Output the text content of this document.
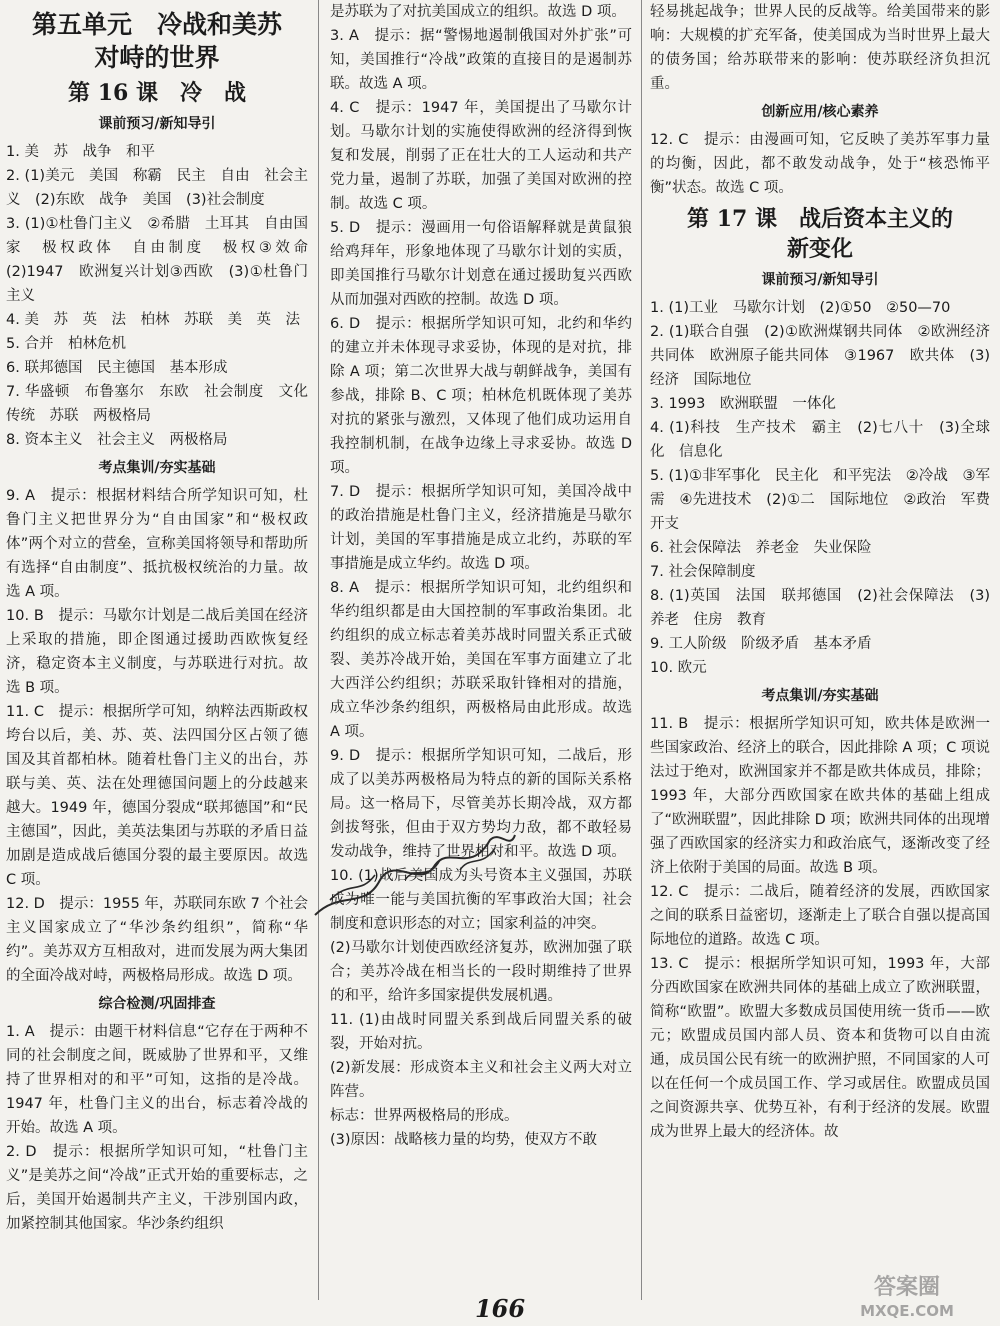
第五单元　冷战和美苏
对峙的世界
第 16 课　冷　战
课前预习/新知导引

1. 美　苏　战争　和平

2. (1)美元　美国　称霸　民主　自由　社会主义　(2)东欧　战争　美国　(3)社会制度

3. (1)①杜鲁门主义　②希腊　土耳其　自由国家　极权政体　自由制度　极权③效命　(2)1947　欧洲复兴计划③西欧　(3)①杜鲁门主义

4. 美　苏　英　法　柏林　苏联　美　英　法

5. 合并　柏林危机

6. 联邦德国　民主德国　基本形成

7. 华盛顿　布鲁塞尔　东欧　社会制度　文化传统　苏联　两极格局

8. 资本主义　社会主义　两极格局

考点集训/夯实基础

9. A　提示：根据材料结合所学知识可知，杜鲁门主义把世界分为“自由国家”和“极权政体”两个对立的营垒，宣称美国将领导和帮助所有选择“自由制度”、抵抗极权统治的力量。故选 A 项。

10. B　提示：马歇尔计划是二战后美国在经济上采取的措施，即企图通过援助西欧恢复经济，稳定资本主义制度，与苏联进行对抗。故选 B 项。

11. C　提示：根据所学可知，纳粹法西斯政权垮台以后，美、苏、英、法四国分区占领了德国及其首都柏林。随着杜鲁门主义的出台，苏联与美、英、法在处理德国问题上的分歧越来越大。1949 年，德国分裂成“联邦德国”和“民主德国”，因此，美英法集团与苏联的矛盾日益加剧是造成战后德国分裂的最主要原因。故选 C 项。

12. D　提示：1955 年，苏联同东欧 7 个社会主义国家成立了“华沙条约组织”，简称“华约”。美苏双方互相敌对，进而发展为两大集团的全面冷战对峙，两极格局形成。故选 D 项。

综合检测/巩固排查

1. A　提示：由题干材料信息“它存在于两种不同的社会制度之间，既威胁了世界和平，又维持了世界相对的和平”可知，这指的是冷战。1947 年，杜鲁门主义的出台，标志着冷战的开始。故选 A 项。

2. D　提示：根据所学知识可知，“杜鲁门主义”是美苏之间“冷战”正式开始的重要标志，之后，美国开始遏制共产主义，干涉别国内政，加紧控制其他国家。华沙条约组织

是苏联为了对抗美国成立的组织。故选 D 项。

3. A　提示：据“警惕地遏制俄国对外扩张”可知，美国推行“冷战”政策的直接目的是遏制苏联。故选 A 项。

4. C　提示：1947 年，美国提出了马歇尔计划。马歇尔计划的实施使得欧洲的经济得到恢复和发展，削弱了正在壮大的工人运动和共产党力量，遏制了苏联，加强了美国对欧洲的控制。故选 C 项。

5. D　提示：漫画用一句俗语解释就是黄鼠狼给鸡拜年，形象地体现了马歇尔计划的实质，即美国推行马歇尔计划意在通过援助复兴西欧从而加强对西欧的控制。故选 D 项。

6. D　提示：根据所学知识可知，北约和华约的建立并未体现寻求妥协，体现的是对抗，排除 A 项；第二次世界大战与朝鲜战争，美国有参战，排除 B、C 项；柏林危机既体现了美苏对抗的紧张与激烈，又体现了他们成功运用自我控制机制，在战争边缘上寻求妥协。故选 D 项。

7. D　提示：根据所学知识可知，美国冷战中的政治措施是杜鲁门主义，经济措施是马歇尔计划，美国的军事措施是成立北约，苏联的军事措施是成立华约。故选 D 项。

8. A　提示：根据所学知识可知，北约组织和华约组织都是由大国控制的军事政治集团。北约组织的成立标志着美苏战时同盟关系正式破裂、美苏冷战开始，美国在军事方面建立了北大西洋公约组织；苏联采取针锋相对的措施，成立华沙条约组织，两极格局由此形成。故选 A 项。

9. D　提示：根据所学知识可知，二战后，形成了以美苏两极格局为特点的新的国际关系格局。这一格局下，尽管美苏长期冷战，双方都剑拔弩张，但由于双方势均力敌，都不敢轻易发动战争，维持了世界相对和平。故选 D 项。

10. (1)战后美国成为头号资本主义强国，苏联成为唯一能与美国抗衡的军事政治大国；社会制度和意识形态的对立；国家利益的冲突。

(2)马歇尔计划使西欧经济复苏，欧洲加强了联合；美苏冷战在相当长的一段时期维持了世界的和平，给许多国家提供发展机遇。

11. (1)由战时同盟关系到战后同盟关系的破裂，开始对抗。

(2)新发展：形成资本主义和社会主义两大对立阵营。

标志：世界两极格局的形成。

(3)原因：战略核力量的均势，使双方不敢

轻易挑起战争；世界人民的反战等。给美国带来的影响：大规模的扩充军备，使美国成为当时世界上最大的债务国；给苏联带来的影响：使苏联经济负担沉重。

创新应用/核心素养

12. C　提示：由漫画可知，它反映了美苏军事力量的均衡，因此，都不敢发动战争，处于“核恐怖平衡”状态。故选 C 项。

第 17 课　战后资本主义的
新变化
课前预习/新知导引

1. (1)工业　马歇尔计划　(2)①50　②50—70

2. (1)联合自强　(2)①欧洲煤钢共同体　②欧洲经济共同体　欧洲原子能共同体　③1967　欧共体　(3)经济　国际地位

3. 1993　欧洲联盟　一体化

4. (1)科技　生产技术　霸主　(2)七八十　(3)全球化　信息化

5. (1)①非军事化　民主化　和平宪法　②冷战　③军需　④先进技术　(2)①二　国际地位　②政治　军费开支

6. 社会保障法　养老金　失业保险

7. 社会保障制度

8. (1)英国　法国　联邦德国　(2)社会保障法　(3)养老　住房　教育

9. 工人阶级　阶级矛盾　基本矛盾

10. 欧元

考点集训/夯实基础

11. B　提示：根据所学知识可知，欧共体是欧洲一些国家政治、经济上的联合，因此排除 A 项；C 项说法过于绝对，欧洲国家并不都是欧共体成员，排除；1993 年，大部分西欧国家在欧共体的基础上组成了“欧洲联盟”，因此排除 D 项；欧洲共同体的出现增强了西欧国家的经济实力和政治底气，逐渐改变了经济上依附于美国的局面。故选 B 项。

12. C　提示：二战后，随着经济的发展，西欧国家之间的联系日益密切，逐渐走上了联合自强以提高国际地位的道路。故选 C 项。

13. C　提示：根据所学知识可知，1993 年，大部分西欧国家在欧洲共同体的基础上成立了欧洲联盟，简称“欧盟”。欧盟大多数成员国使用统一货币——欧元；欧盟成员国内部人员、资本和货物可以自由流通，成员国公民有统一的欧洲护照，不同国家的人可以在任何一个成员国工作、学习或居住。欧盟成员国之间资源共享、优势互补，有利于经济的发展。欧盟成为世界上最大的经济体。故

166
答案圈
MXQE.COM
